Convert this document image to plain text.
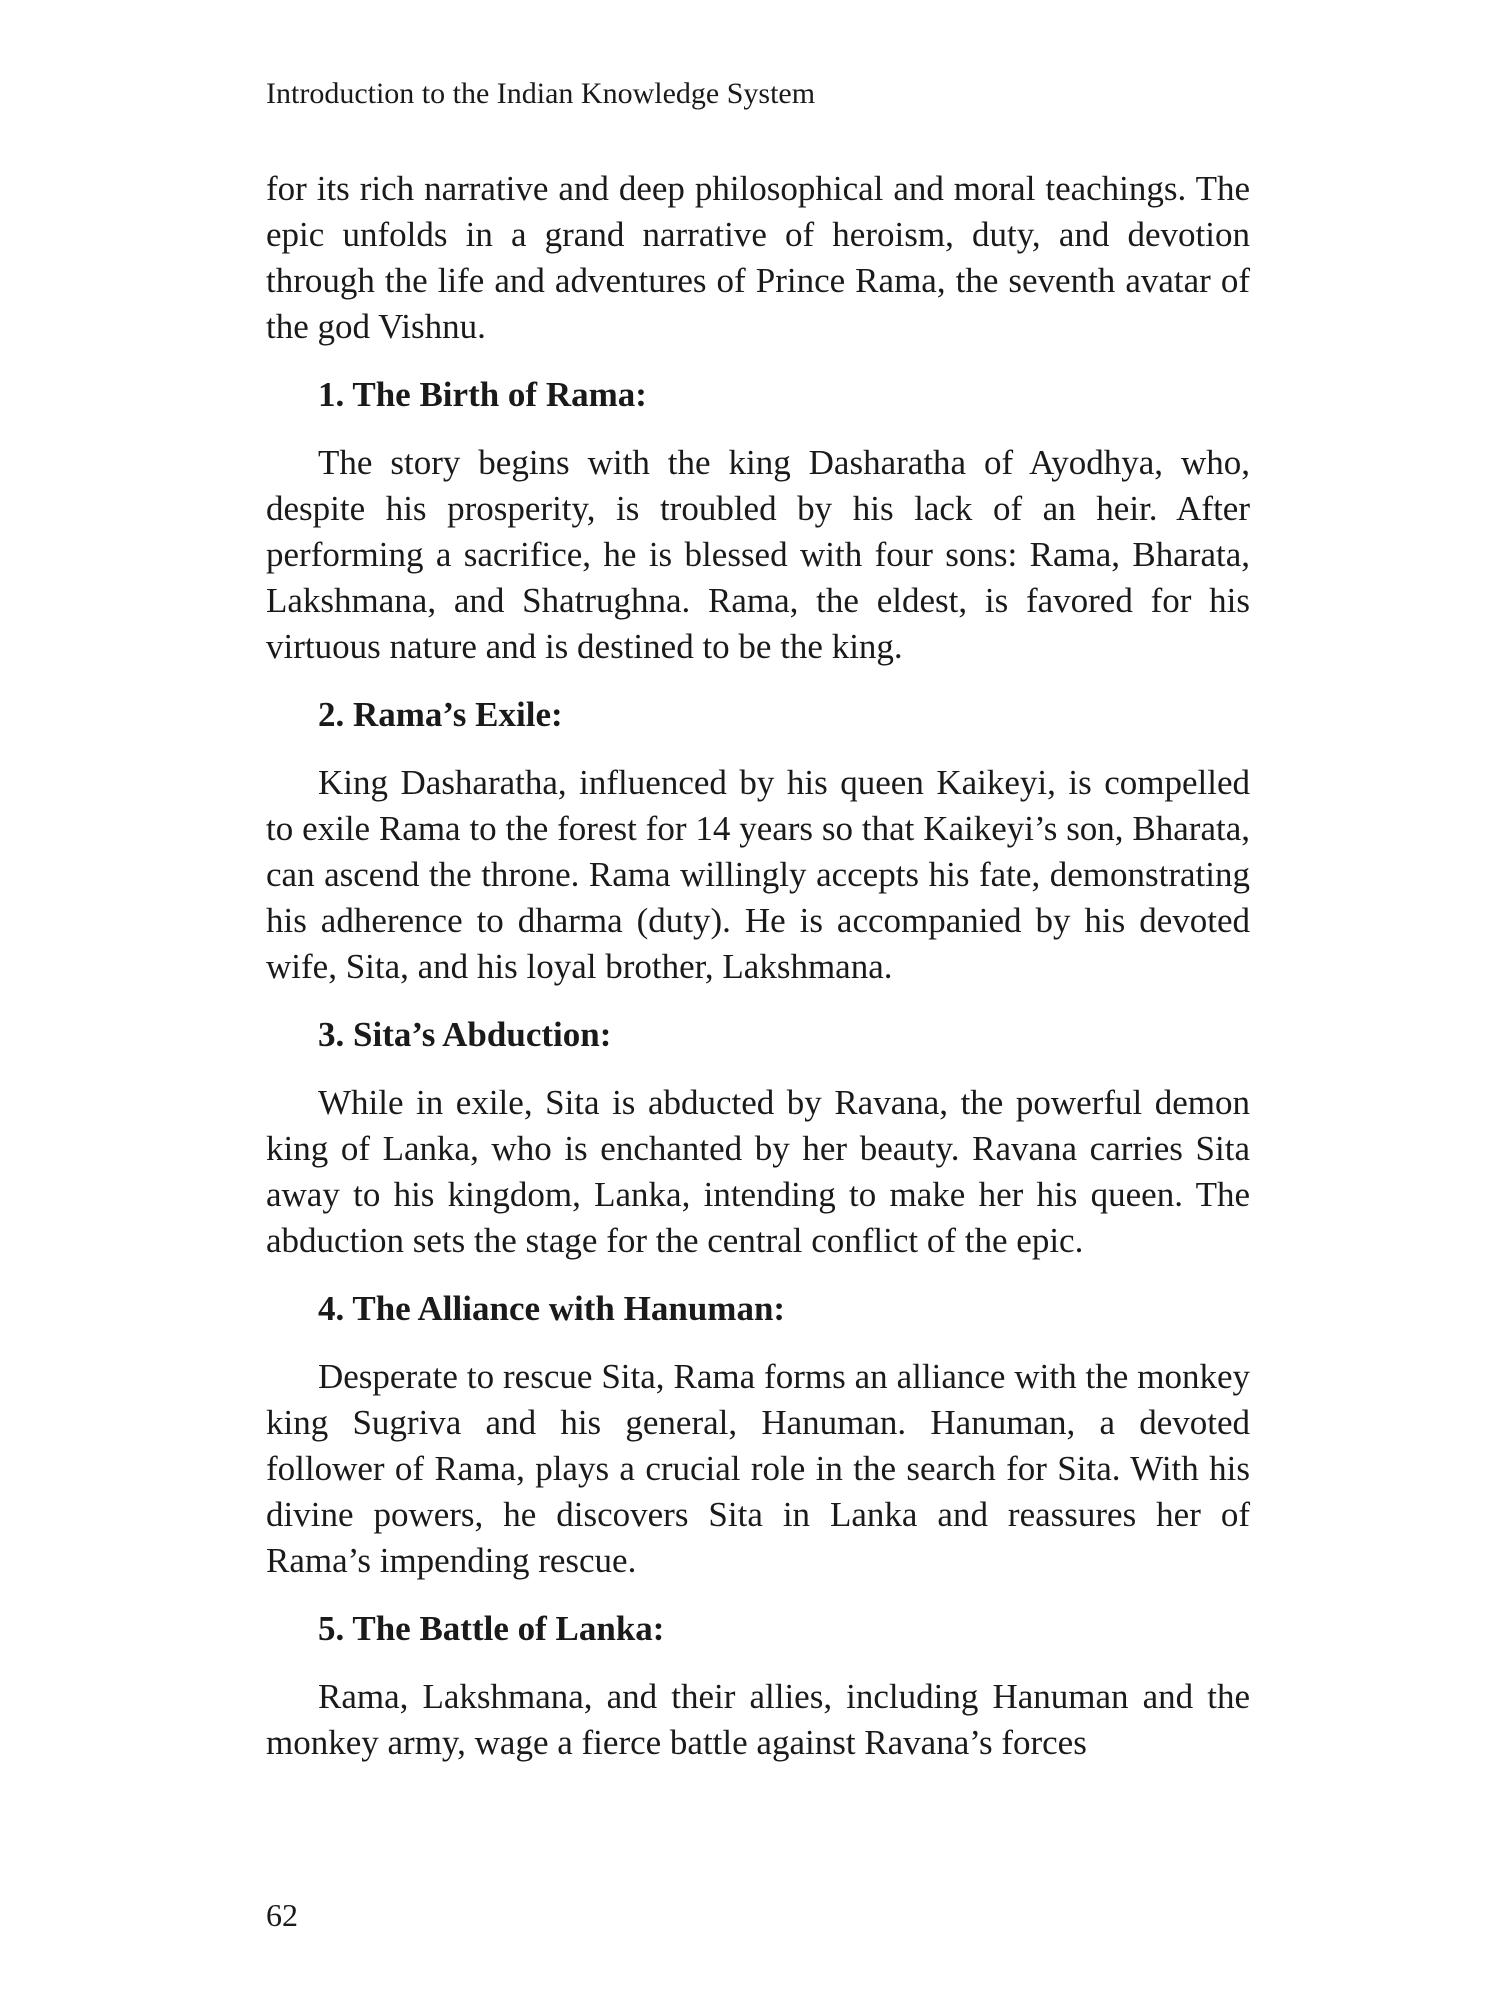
Introduction to the Indian Knowledge System

for its rich narrative and deep philosophical and moral teachings. The epic unfolds in a grand narrative of heroism, duty, and devotion through the life and adventures of Prince Rama, the seventh avatar of the god Vishnu.

1. The Birth of Rama:

The story begins with the king Dasharatha of Ayodhya, who, despite his prosperity, is troubled by his lack of an heir. After performing a sacrifice, he is blessed with four sons: Rama, Bharata, Lakshmana, and Shatrughna. Rama, the eldest, is favored for his virtuous nature and is destined to be the king.

2. Rama’s Exile:

King Dasharatha, influenced by his queen Kaikeyi, is compelled to exile Rama to the forest for 14 years so that Kaikeyi’s son, Bharata, can ascend the throne. Rama willingly accepts his fate, demonstrating his adherence to dharma (duty). He is accompanied by his devoted wife, Sita, and his loyal brother, Lakshmana.

3. Sita’s Abduction:

While in exile, Sita is abducted by Ravana, the powerful demon king of Lanka, who is enchanted by her beauty. Ravana carries Sita away to his kingdom, Lanka, intending to make her his queen. The abduction sets the stage for the central conflict of the epic.

4. The Alliance with Hanuman:

Desperate to rescue Sita, Rama forms an alliance with the monkey king Sugriva and his general, Hanuman. Hanuman, a devoted follower of Rama, plays a crucial role in the search for Sita. With his divine powers, he discovers Sita in Lanka and reassures her of Rama’s impending rescue.

5. The Battle of Lanka:

Rama, Lakshmana, and their allies, including Hanuman and the monkey army, wage a fierce battle against Ravana’s forces

62
